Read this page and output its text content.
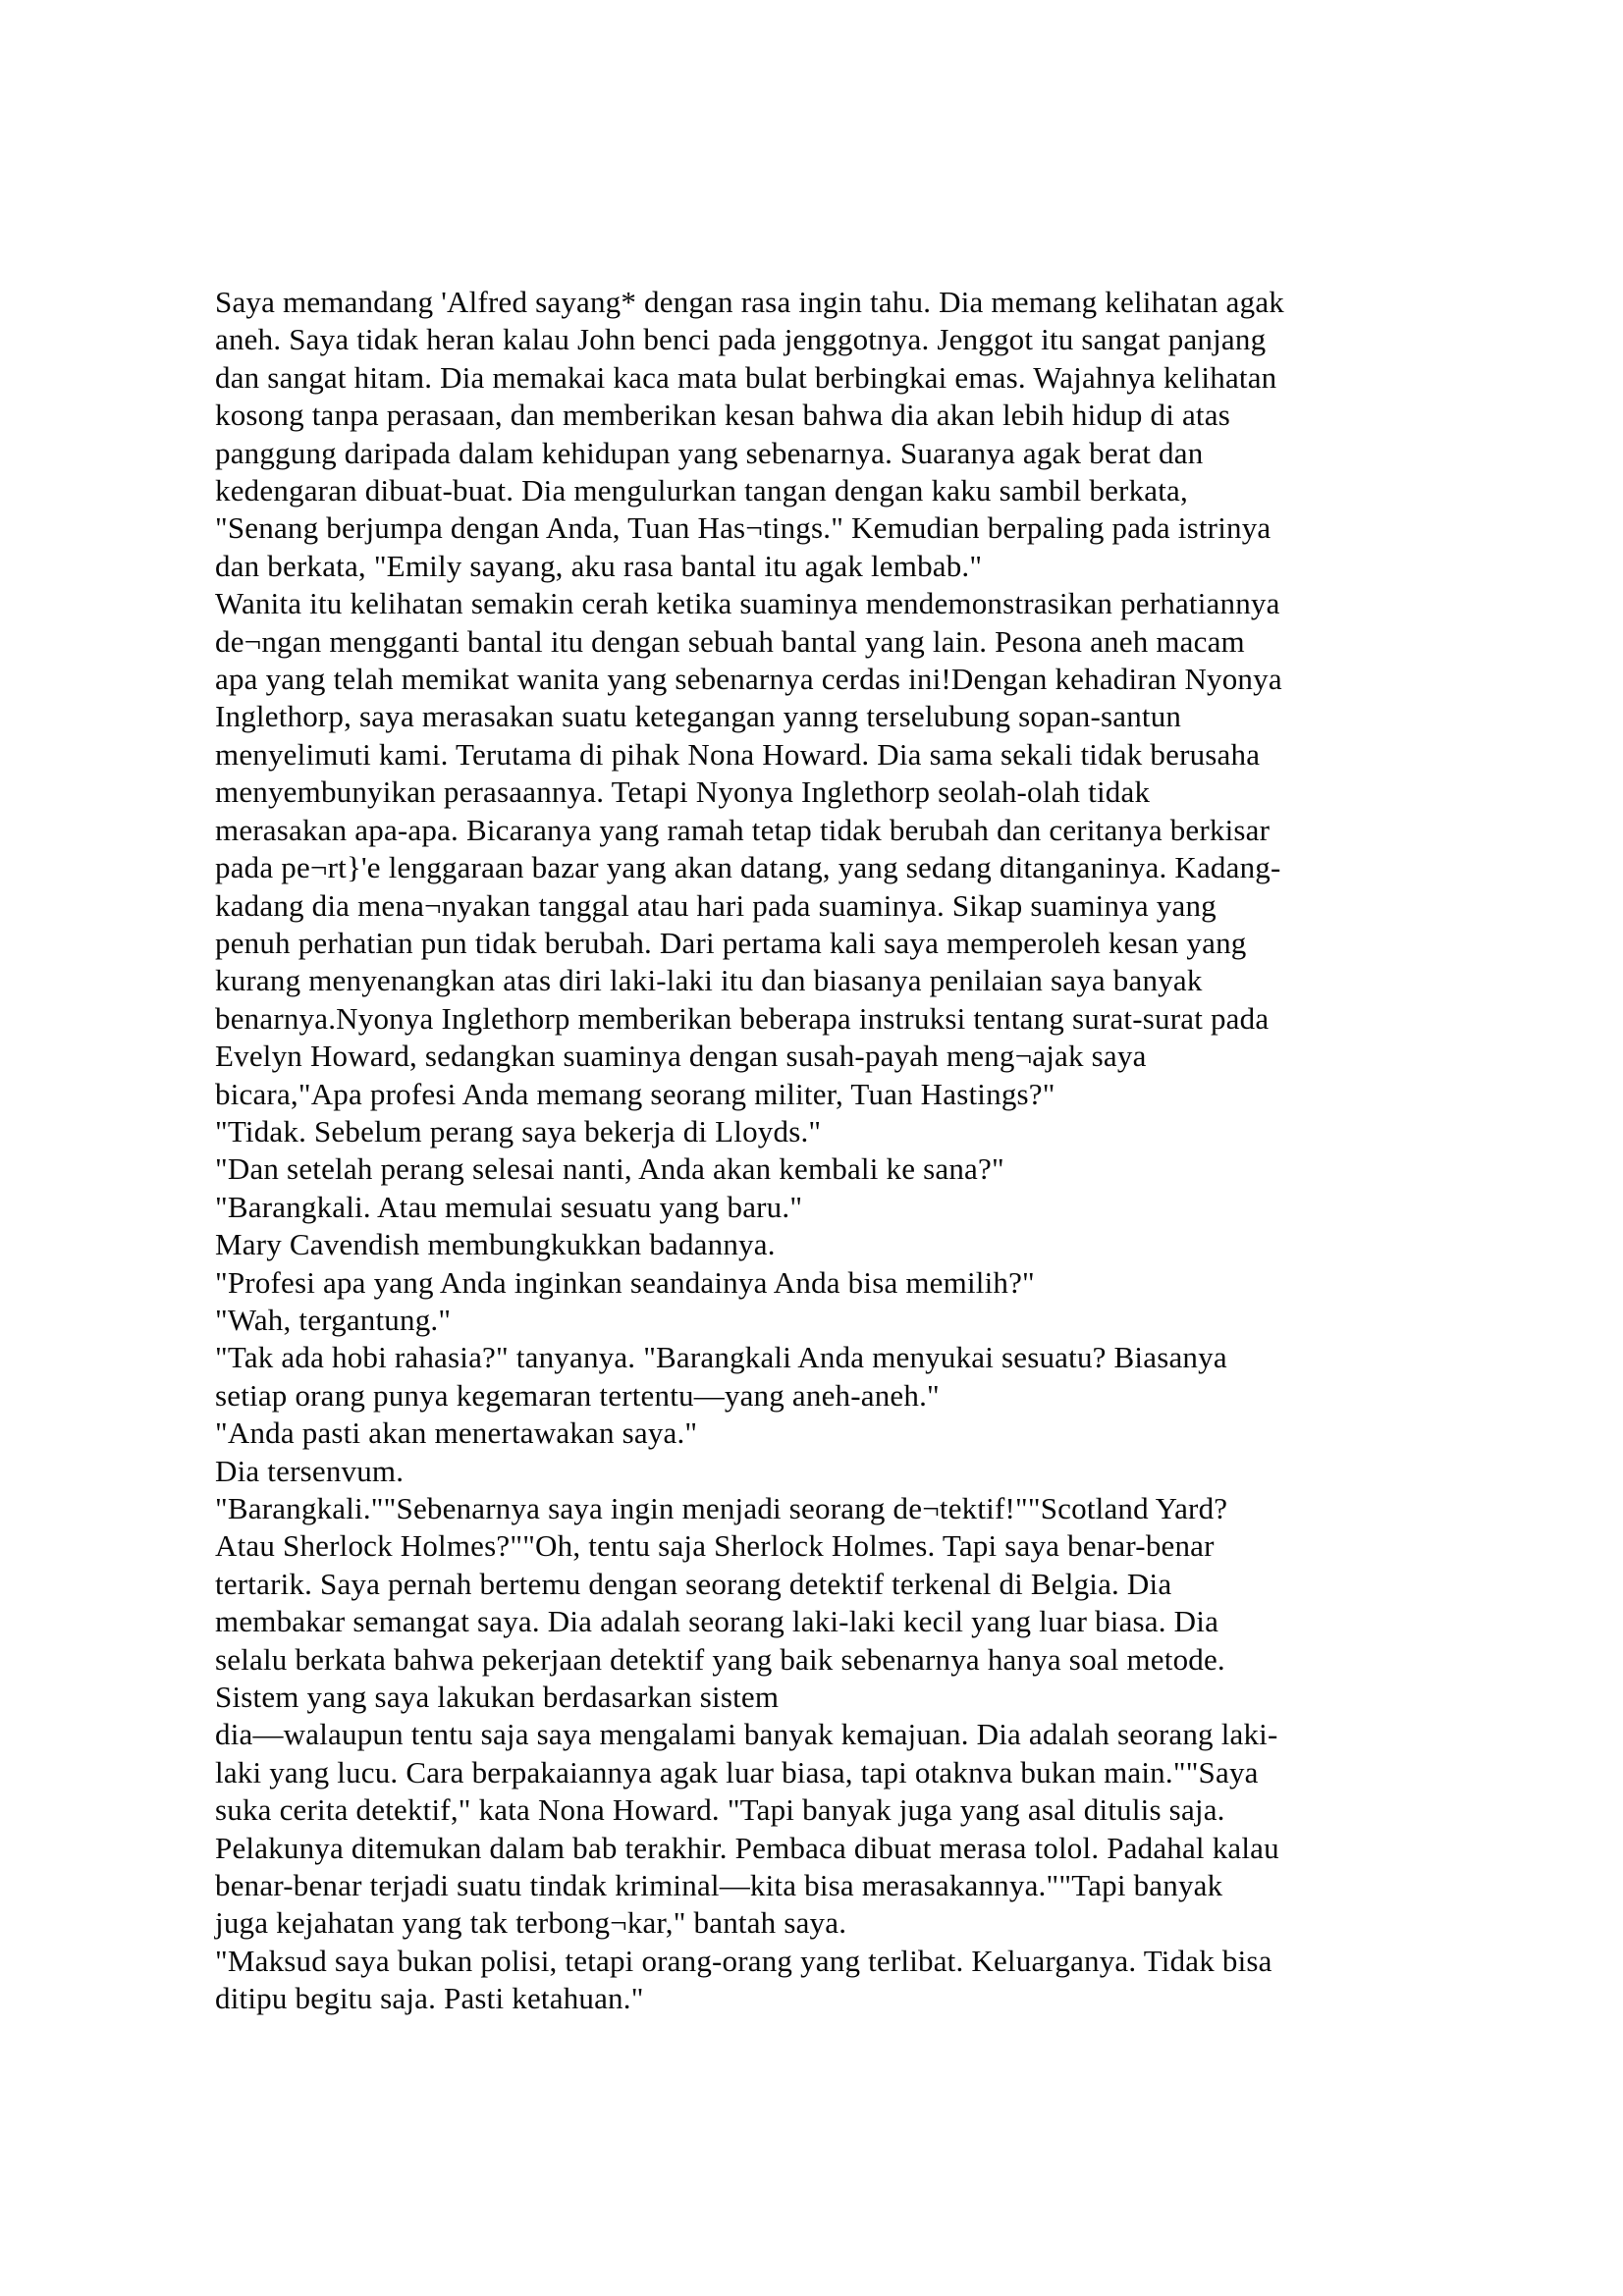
Saya memandang 'Alfred sayang* dengan rasa ingin tahu. Dia memang kelihatan agak
aneh. Saya tidak heran kalau John benci pada jenggotnya. Jenggot itu sangat panjang
dan sangat hitam. Dia memakai kaca mata bulat berbingkai emas. Wajahnya kelihatan
kosong tanpa perasaan, dan memberikan kesan bahwa dia akan lebih hidup di atas
panggung daripada dalam kehidupan yang sebenarnya. Suaranya agak berat dan
kedengaran dibuat-buat. Dia mengulurkan tangan dengan kaku sambil berkata,
"Senang berjumpa dengan Anda, Tuan Has¬tings." Kemudian berpaling pada istrinya
dan berkata, "Emily sayang, aku rasa bantal itu agak lembab."
Wanita itu kelihatan semakin cerah ketika suaminya mendemonstrasikan perhatiannya
de¬ngan mengganti bantal itu dengan sebuah bantal yang lain. Pesona aneh macam
apa yang telah memikat wanita yang sebenarnya cerdas ini!Dengan kehadiran Nyonya
Inglethorp, saya merasakan suatu ketegangan yanng terselubung sopan-santun
menyelimuti kami. Terutama di pihak Nona Howard. Dia sama sekali tidak berusaha
menyembunyikan perasaannya. Tetapi Nyonya Inglethorp seolah-olah tidak
merasakan apa-apa. Bicaranya yang ramah tetap tidak berubah dan ceritanya berkisar
pada pe¬rt}'e lenggaraan bazar yang akan datang, yang sedang ditanganinya. Kadang-
kadang dia mena¬nyakan tanggal atau hari pada suaminya. Sikap suaminya yang
penuh perhatian pun tidak berubah. Dari pertama kali saya memperoleh kesan yang
kurang menyenangkan atas diri laki-laki itu dan biasanya penilaian saya banyak
benarnya.Nyonya Inglethorp memberikan beberapa instruksi tentang surat-surat pada
Evelyn Howard, sedangkan suaminya dengan susah-payah meng¬ajak saya
bicara,"Apa profesi Anda memang seorang militer, Tuan Hastings?"
"Tidak. Sebelum perang saya bekerja di Lloyds."
"Dan setelah perang selesai nanti, Anda akan kembali ke sana?"
"Barangkali. Atau memulai sesuatu yang baru."
Mary Cavendish membungkukkan badannya.
"Profesi apa yang Anda inginkan seandainya Anda bisa memilih?"
"Wah, tergantung."
"Tak ada hobi rahasia?" tanyanya. "Barangkali Anda menyukai sesuatu? Biasanya
setiap orang punya kegemaran tertentu—yang aneh-aneh."
"Anda pasti akan menertawakan saya."
Dia tersenvum.
"Barangkali.""Sebenarnya saya ingin menjadi seorang de¬tektif!""Scotland Yard?
Atau Sherlock Holmes?""Oh, tentu saja Sherlock Holmes. Tapi saya benar-benar
tertarik. Saya pernah bertemu dengan seorang detektif terkenal di Belgia. Dia
membakar semangat saya. Dia adalah seorang laki-laki kecil yang luar biasa. Dia
selalu berkata bahwa pekerjaan detektif yang baik sebenarnya hanya soal metode.
Sistem yang saya lakukan berdasarkan sistem
dia—walaupun tentu saja saya mengalami banyak kemajuan. Dia adalah seorang laki-
laki yang lucu. Cara berpakaiannya agak luar biasa, tapi otaknva bukan main.""Saya
suka cerita detektif," kata Nona Howard. "Tapi banyak juga yang asal ditulis saja.
Pelakunya ditemukan dalam bab terakhir. Pembaca dibuat merasa tolol. Padahal kalau
benar-benar terjadi suatu tindak kriminal—kita bisa merasakannya.""Tapi banyak
juga kejahatan yang tak terbong¬kar," bantah saya.
"Maksud saya bukan polisi, tetapi orang-orang yang terlibat. Keluarganya. Tidak bisa
ditipu begitu saja. Pasti ketahuan."
